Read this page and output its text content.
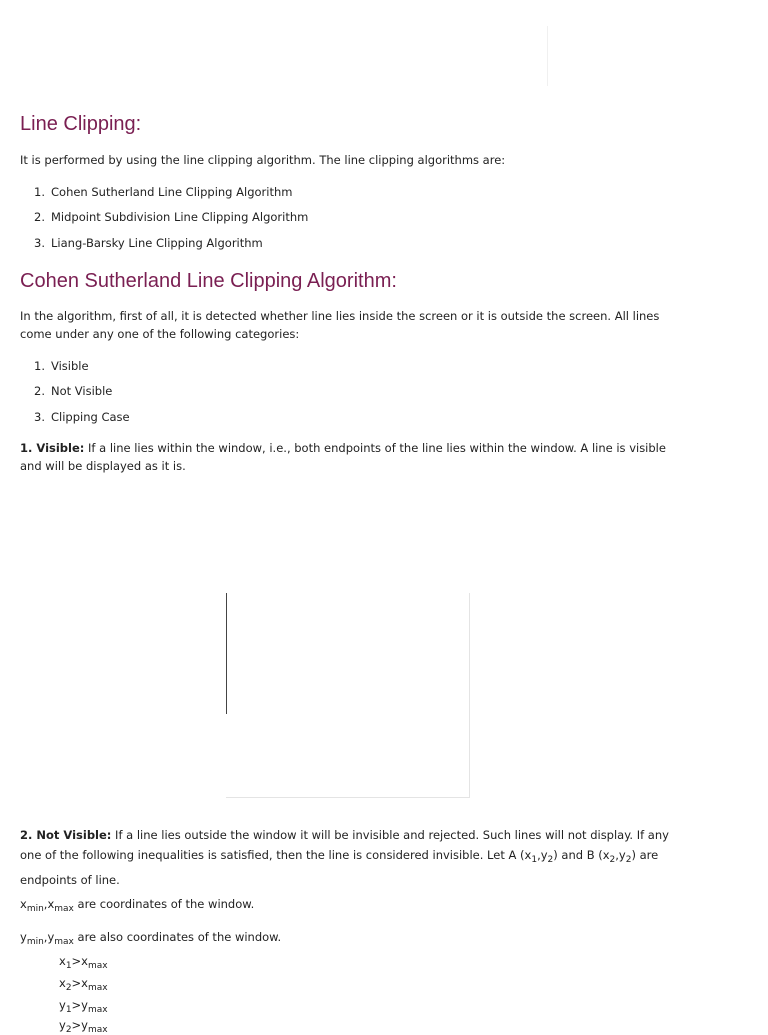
Line Clipping:

It is performed by using the line clipping algorithm. The line clipping algorithms are:

1. Cohen Sutherland Line Clipping Algorithm
2. Midpoint Subdivision Line Clipping Algorithm
3. Liang-Barsky Line Clipping Algorithm
Cohen Sutherland Line Clipping Algorithm:

In the algorithm, first of all, it is detected whether line lies inside the screen or it is outside the screen. All lines come under any one of the following categories:

1. Visible
2. Not Visible
3. Clipping Case

1. Visible: If a line lies within the window, i.e., both endpoints of the line lies within the window. A line is visible and will be displayed as it is.

2. Not Visible: If a line lies outside the window it will be invisible and rejected. Such lines will not display. If any one of the following inequalities is satisfied, then the line is considered invisible. Let A $(x_1,y_2)$ and B $(x_2,y_2)$ are endpoints of line.

$x_{min},x_{max}$ are coordinates of the window.
$y_{min},y_{max}$ are also coordinates of the window.
$x_1>x_{max}$
$x_2>x_{max}$
$y_1>y_{max}$
$y_2>y_{max}$
